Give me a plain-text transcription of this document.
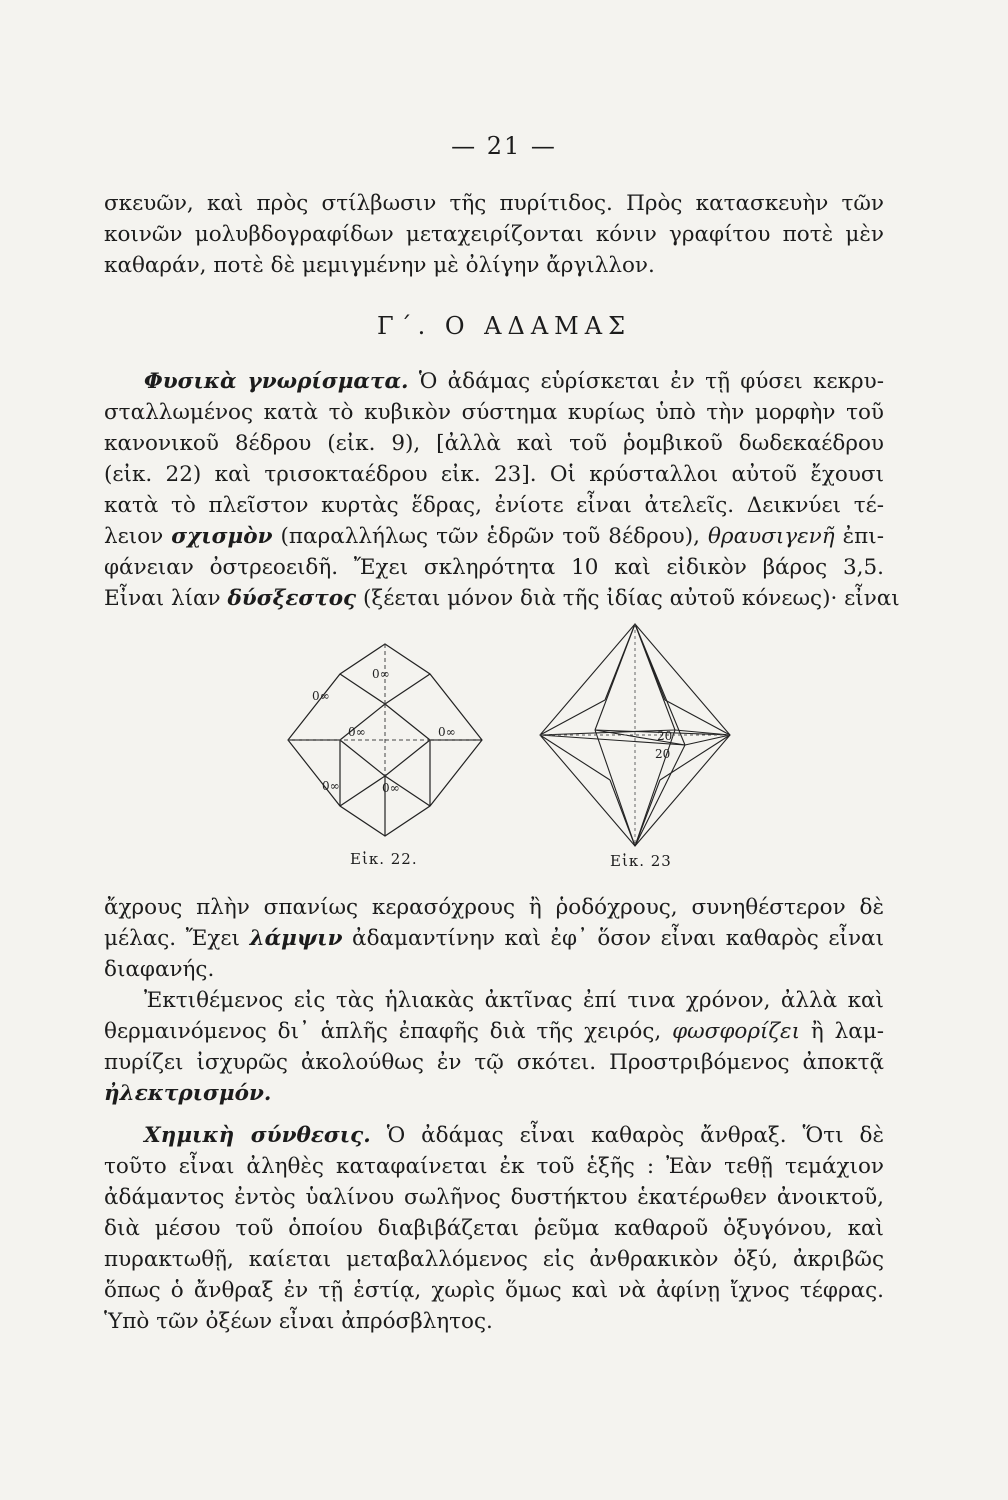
— 21 —
σκευῶν, καὶ πρὸς στίλβωσιν τῆς πυρίτιδος. Πρὸς κατασκευὴν τῶν
κοινῶν μολυβδογραφίδων μεταχειρίζονται κόνιν γραφίτου ποτὲ μὲν
καθαράν, ποτὲ δὲ μεμιγμένην μὲ ὀλίγην ἄργιλλον.
Γ΄. Ο ΑΔΑΜΑΣ
Φυσικὰ γνωρίσματα. Ὁ ἀδάμας εὑρίσκεται ἐν τῇ φύσει κεκρυ-
σταλλωμένος κατὰ τὸ κυβικὸν σύστημα κυρίως ὑπὸ τὴν μορφὴν τοῦ
κανονικοῦ 8έδρου (εἰκ. 9), [ἀλλὰ καὶ τοῦ ῥομβικοῦ δωδεκαέδρου
(εἰκ. 22) καὶ τρισοκταέδρου εἰκ. 23]. Οἱ κρύσταλλοι αὐτοῦ ἔχουσι
κατὰ τὸ πλεῖστον κυρτὰς ἕδρας, ἐνίοτε εἶναι ἀτελεῖς. Δεικνύει τέ-
λειον σχισμὸν (παραλλήλως τῶν ἑδρῶν τοῦ 8έδρου), θραυσιγενῆ ἐπι-
φάνειαν ὀστρεοειδῆ. Ἔχει σκληρότητα 10 καὶ εἰδικὸν βάρος 3,5.
Εἶναι λίαν δύσξεστος (ξέεται μόνον διὰ τῆς ἰδίας αὐτοῦ κόνεως)· εἶναι
0∞
0∞
0∞	0∞
0∞	0∞
Εἰκ. 22.
20
20
Εἰκ. 23
ἄχρους πλὴν σπανίως κερασόχρους ἢ ῥοδόχρους, συνηθέστερον δὲ
μέλας. Ἔχει λάμψιν ἀδαμαντίνην καὶ ἐφ᾽ ὅσον εἶναι καθαρὸς εἶναι
διαφανής.
Ἐκτιθέμενος εἰς τὰς ἡλιακὰς ἀκτῖνας ἐπί τινα χρόνον, ἀλλὰ καὶ
θερμαινόμενος δι᾽ ἁπλῆς ἐπαφῆς διὰ τῆς χειρός, φωσφορίζει ἢ λαμ-
πυρίζει ἰσχυρῶς ἀκολούθως ἐν τῷ σκότει. Προστριβόμενος ἀποκτᾷ
ἠλεκτρισμόν.
Χημικὴ σύνθεσις. Ὁ ἀδάμας εἶναι καθαρὸς ἄνθραξ. Ὅτι δὲ
τοῦτο εἶναι ἀληθὲς καταφαίνεται ἐκ τοῦ ἑξῆς : Ἐὰν τεθῇ τεμάχιον
ἀδάμαντος ἐντὸς ὑαλίνου σωλῆνος δυστήκτου ἑκατέρωθεν ἀνοικτοῦ,
διὰ μέσου τοῦ ὁποίου διαβιβάζεται ῥεῦμα καθαροῦ ὀξυγόνου, καὶ
πυρακτωθῇ, καίεται μεταβαλλόμενος εἰς ἀνθρακικὸν ὀξύ, ἀκριβῶς
ὅπως ὁ ἄνθραξ ἐν τῇ ἑστίᾳ, χωρὶς ὅμως καὶ νὰ ἀφίνῃ ἴχνος τέφρας.
Ὑπὸ τῶν ὀξέων εἶναι ἀπρόσβλητος.
